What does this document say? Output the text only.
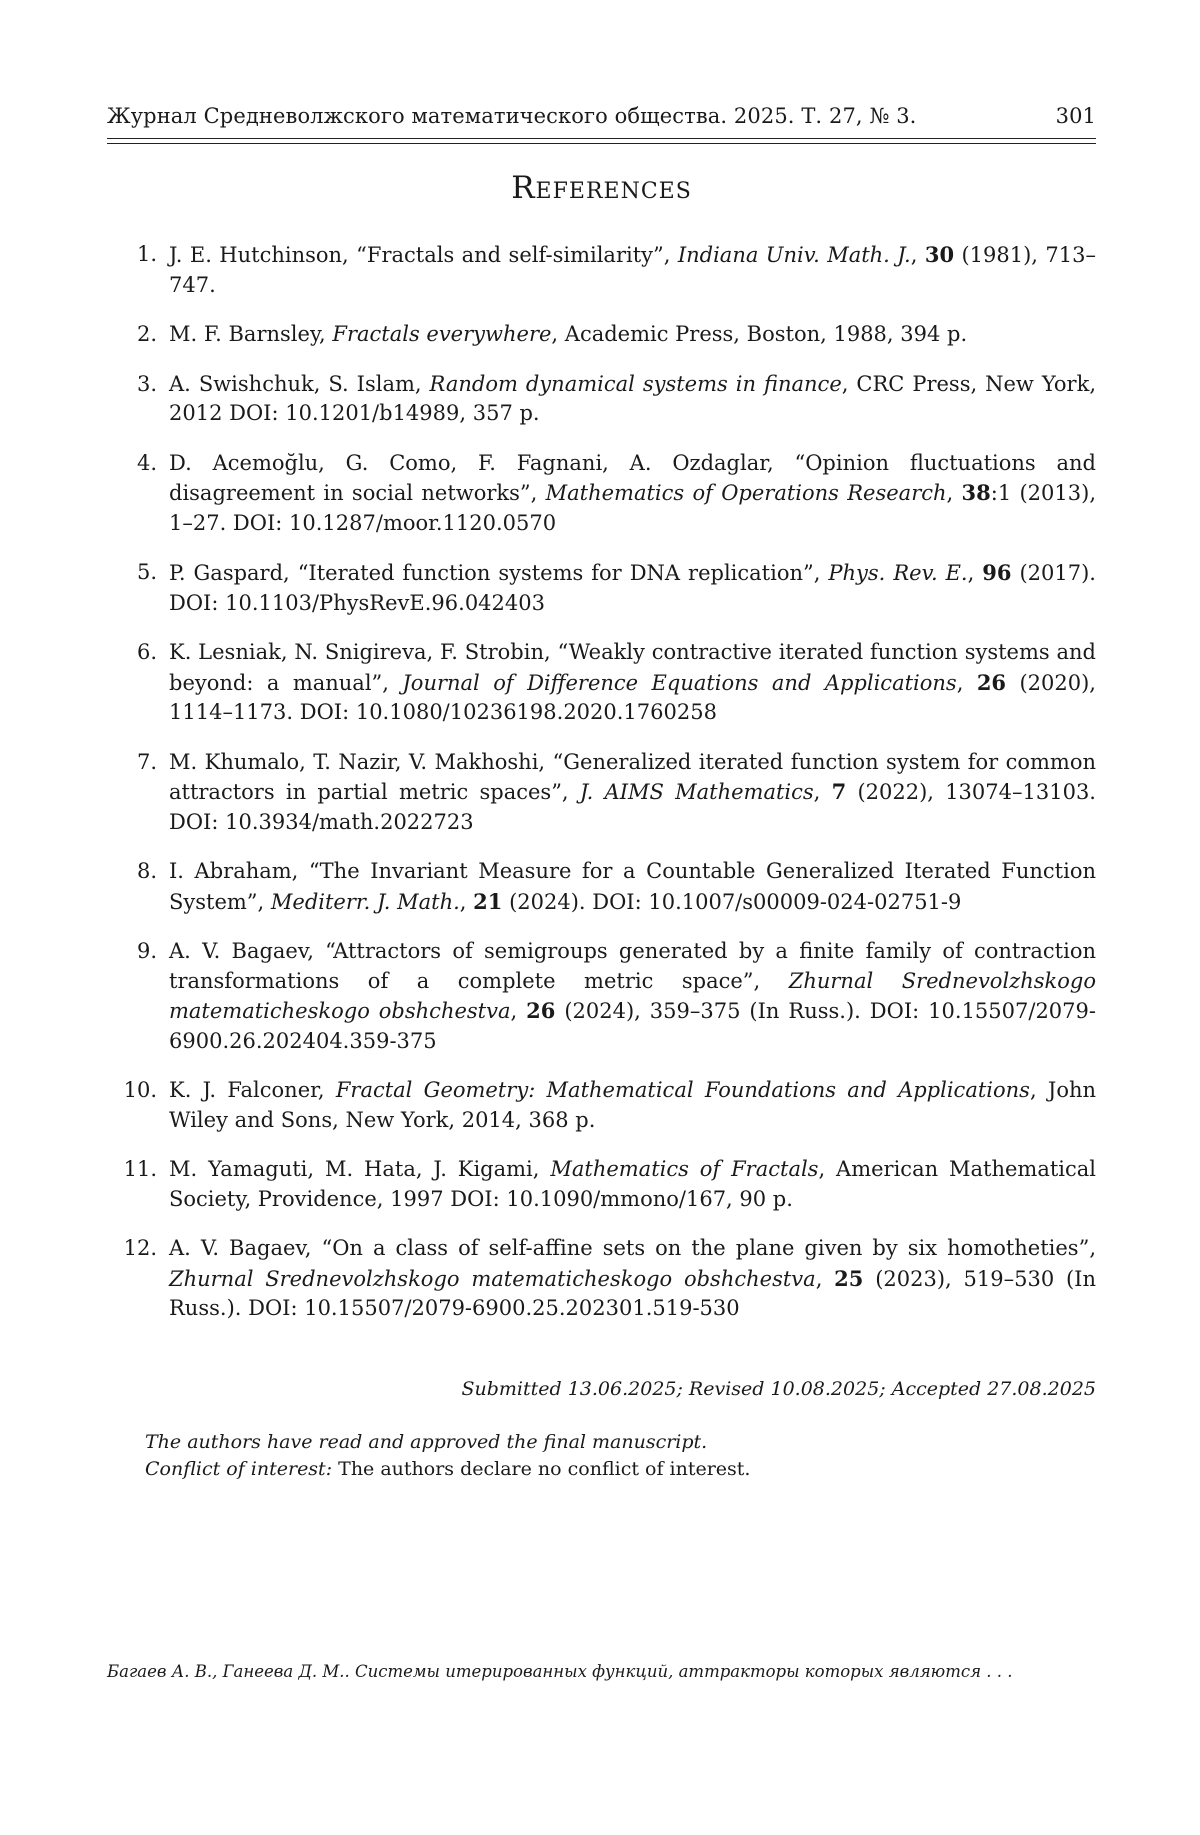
Журнал Средневолжского математического общества. 2025. Т. 27, № 3.	301
References
1. J. E. Hutchinson, “Fractals and self-similarity”, Indiana Univ. Math. J., 30 (1981), 713–747.
2. M. F. Barnsley, Fractals everywhere, Academic Press, Boston, 1988, 394 p.
3. A. Swishchuk, S. Islam, Random dynamical systems in finance, CRC Press, New York, 2012 DOI: 10.1201/b14989, 357 p.
4. D. Acemoğlu, G. Como, F. Fagnani, A. Ozdaglar, “Opinion fluctuations and disagreement in social networks”, Mathematics of Operations Research, 38:1 (2013), 1–27. DOI: 10.1287/moor.1120.0570
5. P. Gaspard, “Iterated function systems for DNA replication”, Phys. Rev. E., 96 (2017). DOI: 10.1103/PhysRevE.96.042403
6. K. Lesniak, N. Snigireva, F. Strobin, “Weakly contractive iterated function systems and beyond: a manual”, Journal of Difference Equations and Applications, 26 (2020), 1114–1173. DOI: 10.1080/10236198.2020.1760258
7. M. Khumalo, T. Nazir, V. Makhoshi, “Generalized iterated function system for common attractors in partial metric spaces”, J. AIMS Mathematics, 7 (2022), 13074–13103. DOI: 10.3934/math.2022723
8. I. Abraham, “The Invariant Measure for a Countable Generalized Iterated Function System”, Mediterr. J. Math., 21 (2024). DOI: 10.1007/s00009-024-02751-9
9. A. V. Bagaev, “Attractors of semigroups generated by a finite family of contraction transformations of a complete metric space”, Zhurnal Srednevolzhskogo matematicheskogo obshchestva, 26 (2024), 359–375 (In Russ.). DOI: 10.15507/2079-6900.26.202404.359-375
10. K. J. Falconer, Fractal Geometry: Mathematical Foundations and Applications, John Wiley and Sons, New York, 2014, 368 p.
11. M. Yamaguti, M. Hata, J. Kigami, Mathematics of Fractals, American Mathematical Society, Providence, 1997 DOI: 10.1090/mmono/167, 90 p.
12. A. V. Bagaev, “On a class of self-affine sets on the plane given by six homotheties”, Zhurnal Srednevolzhskogo matematicheskogo obshchestva, 25 (2023), 519–530 (In Russ.). DOI: 10.15507/2079-6900.25.202301.519-530
Submitted 13.06.2025; Revised 10.08.2025; Accepted 27.08.2025
The authors have read and approved the final manuscript.
Conflict of interest: The authors declare no conflict of interest.
Багаев А. В., Ганеева Д. М.. Системы итерированных функций, аттракторы которых являются . . .
